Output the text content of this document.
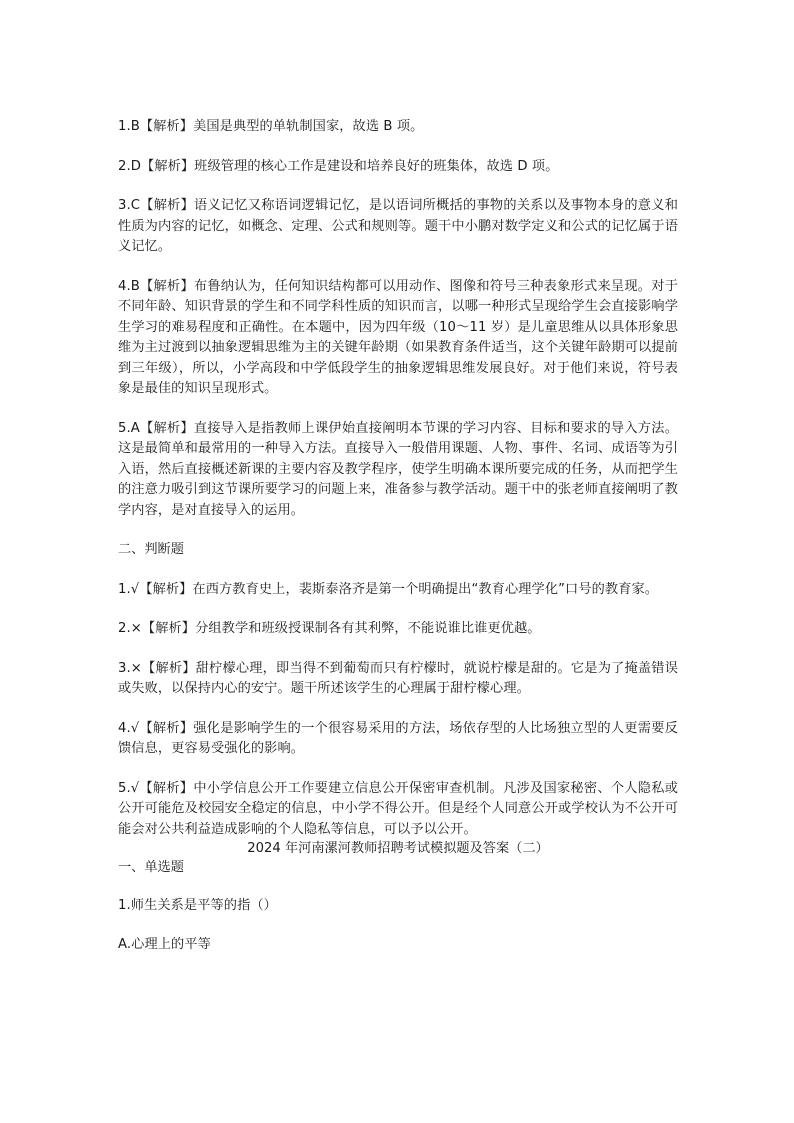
1.B【解析】美国是典型的单轨制国家，故选 B 项。

2.D【解析】班级管理的核心工作是建设和培养良好的班集体，故选 D 项。

3.C【解析】语义记忆又称语词逻辑记忆，是以语词所概括的事物的关系以及事物本身的意义和性质为内容的记忆，如概念、定理、公式和规则等。题干中小鹏对数学定义和公式的记忆属于语义记忆。

4.B【解析】布鲁纳认为，任何知识结构都可以用动作、图像和符号三种表象形式来呈现。对于不同年龄、知识背景的学生和不同学科性质的知识而言，以哪一种形式呈现给学生会直接影响学生学习的难易程度和正确性。在本题中，因为四年级（10～11 岁）是儿童思维从以具体形象思维为主过渡到以抽象逻辑思维为主的关键年龄期（如果教育条件适当，这个关键年龄期可以提前到三年级），所以，小学高段和中学低段学生的抽象逻辑思维发展良好。对于他们来说，符号表象是最佳的知识呈现形式。

5.A【解析】直接导入是指教师上课伊始直接阐明本节课的学习内容、目标和要求的导入方法。这是最简单和最常用的一种导入方法。直接导入一般借用课题、人物、事件、名词、成语等为引入语，然后直接概述新课的主要内容及教学程序，使学生明确本课所要完成的任务，从而把学生的注意力吸引到这节课所要学习的问题上来，准备参与教学活动。题干中的张老师直接阐明了教学内容，是对直接导入的运用。

二、判断题

1.√【解析】在西方教育史上，裴斯泰洛齐是第一个明确提出“教育心理学化”口号的教育家。

2.×【解析】分组教学和班级授课制各有其利弊，不能说谁比谁更优越。

3.×【解析】甜柠檬心理，即当得不到葡萄而只有柠檬时，就说柠檬是甜的。它是为了掩盖错误或失败，以保持内心的安宁。题干所述该学生的心理属于甜柠檬心理。

4.√【解析】强化是影响学生的一个很容易采用的方法，场依存型的人比场独立型的人更需要反馈信息，更容易受强化的影响。

5.√【解析】中小学信息公开工作要建立信息公开保密审查机制。凡涉及国家秘密、个人隐私或公开可能危及校园安全稳定的信息，中小学不得公开。但是经个人同意公开或学校认为不公开可能会对公共利益造成影响的个人隐私等信息，可以予以公开。

2024 年河南漯河教师招聘考试模拟题及答案（二）

一、单选题

1.师生关系是平等的指（）

A.心理上的平等
